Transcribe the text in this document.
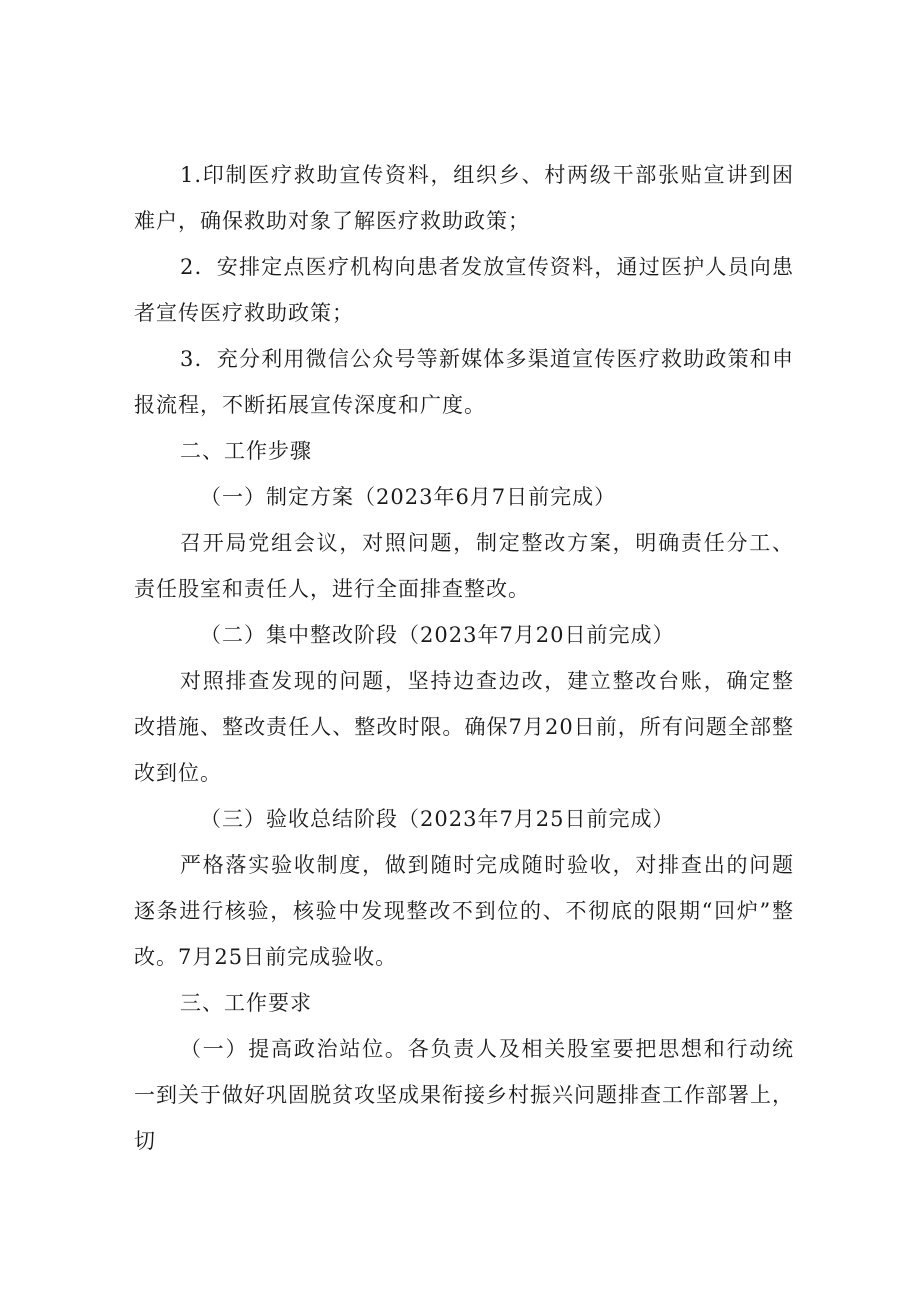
1.印制医疗救助宣传资料，组织乡、村两级干部张贴宣讲到困难户，确保救助对象了解医疗救助政策；

2．安排定点医疗机构向患者发放宣传资料，通过医护人员向患者宣传医疗救助政策；

3．充分利用微信公众号等新媒体多渠道宣传医疗救助政策和申报流程，不断拓展宣传深度和广度。

二、工作步骤

（一）制定方案（2023年6月7日前完成）

召开局党组会议，对照问题，制定整改方案，明确责任分工、责任股室和责任人，进行全面排查整改。

（二）集中整改阶段（2023年7月20日前完成）

对照排查发现的问题，坚持边查边改，建立整改台账，确定整改措施、整改责任人、整改时限。确保7月20日前，所有问题全部整改到位。

（三）验收总结阶段（2023年7月25日前完成）

严格落实验收制度，做到随时完成随时验收，对排查出的问题逐条进行核验，核验中发现整改不到位的、不彻底的限期“回炉”整改。7月25日前完成验收。

三、工作要求

（一）提高政治站位。各负责人及相关股室要把思想和行动统一到关于做好巩固脱贫攻坚成果衔接乡村振兴问题排查工作部署上，切
